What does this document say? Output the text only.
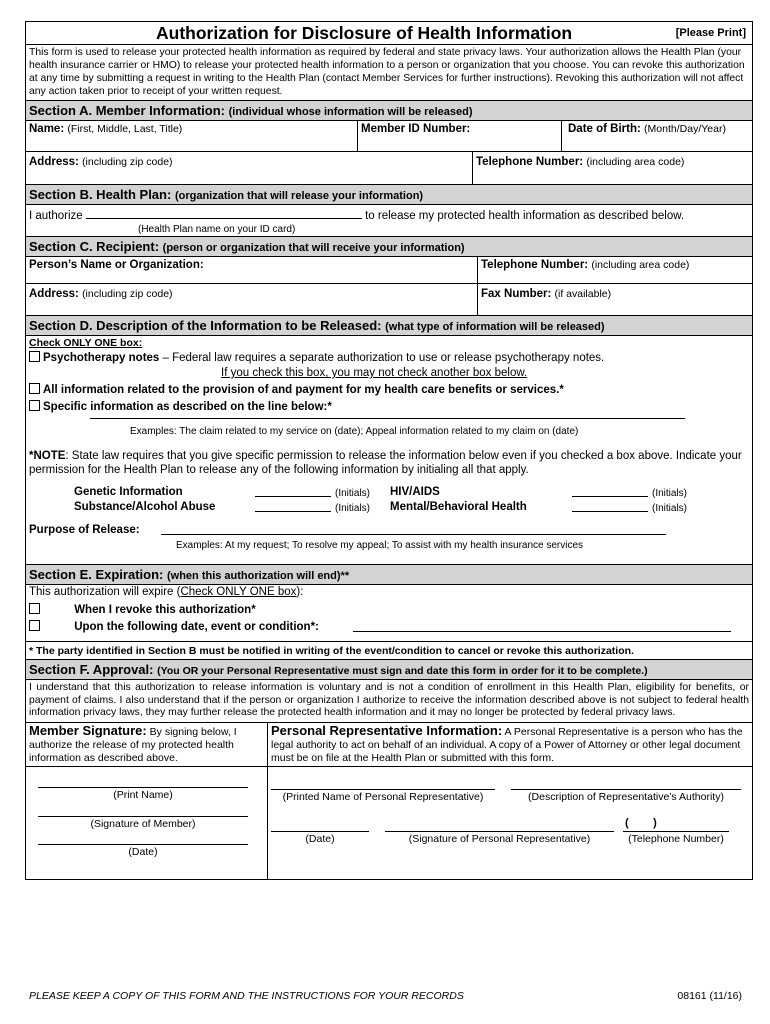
Authorization for Disclosure of Health Information	[Please Print]
This form is used to release your protected health information as required by federal and state privacy laws. Your authorization allows the Health Plan (your health insurance carrier or HMO) to release your protected health information to a person or organization that you choose. You can revoke this authorization at any time by submitting a request in writing to the Health Plan (contact Member Services for further instructions). Revoking this authorization will not affect any action taken prior to receipt of your written request.
Section A. Member Information: (individual whose information will be released)
Name: (First, Middle, Last, Title)	Member ID Number:	Date of Birth: (Month/Day/Year)
Address: (including zip code)	Telephone Number: (including area code)
Section B. Health Plan: (organization that will release your information)
I authorize	to release my protected health information as described below.
(Health Plan name on your ID card)
Section C. Recipient: (person or organization that will receive your information)
Person’s Name or Organization:	Telephone Number: (including area code)
Address: (including zip code)	Fax Number: (if available)
Section D. Description of the Information to be Released: (what type of information will be released)
Check ONLY ONE box:
Psychotherapy notes – Federal law requires a separate authorization to use or release psychotherapy notes.
If you check this box, you may not check another box below.
All information related to the provision of and payment for my health care benefits or services.*
Specific information as described on the line below:*
Examples: The claim related to my service on (date); Appeal information related to my claim on (date)
*NOTE: State law requires that you give specific permission to release the information below even if you checked a box above. Indicate your permission for the Health Plan to release any of the following information by initialing all that apply.
Genetic Information	(Initials) HIV/AIDS	(Initials)
Substance/Alcohol Abuse	(Initials) Mental/Behavioral Health	(Initials)
Purpose of Release:
Examples: At my request; To resolve my appeal; To assist with my health insurance services
Section E. Expiration: (when this authorization will end)**
This authorization will expire (Check ONLY ONE box):
When I revoke this authorization*
Upon the following date, event or condition*:
* The party identified in Section B must be notified in writing of the event/condition to cancel or revoke this authorization.
Section F. Approval: (You OR your Personal Representative must sign and date this form in order for it to be complete.)
I understand that this authorization to release information is voluntary and is not a condition of enrollment in this Health Plan, eligibility for benefits, or payment of claims. I also understand that if the person or organization I authorize to receive the information described above is not subject to federal health information privacy laws, they may further release the protected health information and it may no longer be protected by federal privacy laws.
Member Signature: By signing below, I authorize the release of my protected health information as described above.
Personal Representative Information: A Personal Representative is a person who has the legal authority to act on behalf of an individual. A copy of a Power of Attorney or other legal document must be on file at the Health Plan or submitted with this form.
(Print Name)
(Signature of Member)
(Date)
(Printed Name of Personal Representative)	(Description of Representative’s Authority)
(Date)	(Signature of Personal Representative)
(        )
(Telephone Number)
PLEASE KEEP A COPY OF THIS FORM AND THE INSTRUCTIONS FOR YOUR RECORDS	08161 (11/16)
